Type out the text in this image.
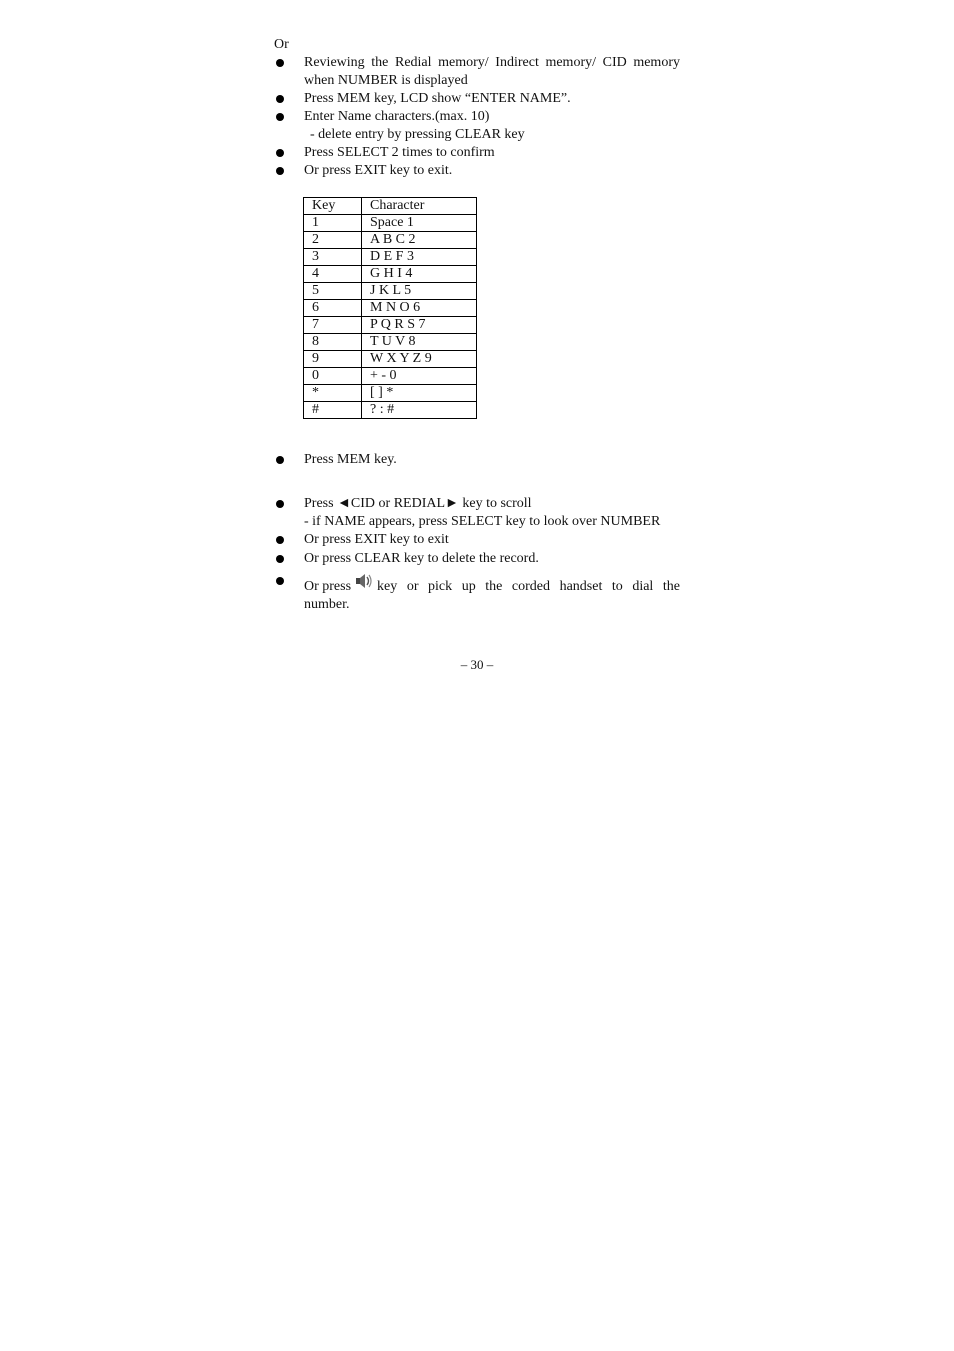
Or
Reviewing the Redial memory/ Indirect memory/ CID memory when NUMBER is displayed
Press MEM key, LCD show “ENTER NAME”.
Enter Name characters.(max. 10)
- delete entry by pressing CLEAR key
Press SELECT 2 times to confirm
Or press EXIT key to exit.
Key	Character
1	Space 1
2	A B C 2
3	D E F 3
4	G H I 4
5	J K L 5
6	M N O 6
7	P Q R S 7
8	T U V 8
9	W X Y Z 9
0	+ - 0
*	[ ] *
#	? : #
Press MEM key.
Press ◄CID or REDIAL► key to scroll
- if NAME appears, press SELECT key to look over NUMBER
Or press EXIT key to exit
Or press CLEAR key to delete the record.
Or press key or pick up the corded handset to dial the
number.
– 30 –
